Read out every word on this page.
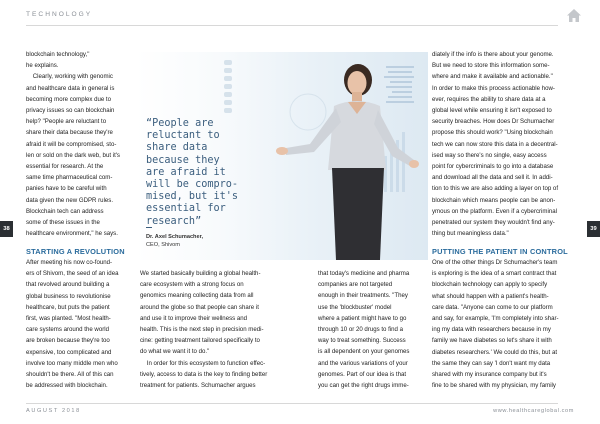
TECHNOLOGY
38	39

blockchain technology,"

he explains.

Clearly, working with genomic

and healthcare data in general is

becoming more complex due to

privacy issues so can blockchain

help? "People are reluctant to

share their data because they're

afraid it will be compromised, sto-

len or sold on the dark web, but it's

essential for research. At the

same time pharmaceutical com-

panies have to be careful with

data given the new GDPR rules.

Blockchain tech can address

some of these issues in the

healthcare environment," he says.

STARTING A REVOLUTION

After meeting his now co-found-

ers of Shivom, the seed of an idea

that revolved around building a

global business to revolutionise

healthcare, but puts the patient

first, was planted. "Most health-

care systems around the world

are broken because they're too

expensive, too complicated and

involve too many middle men who

shouldn't be there. All of this can

be addressed with blockchain.

“People are
reluctant to
share data
because they
are afraid it
will be compro-
mised, but it's
essential for
research”
Dr. Axel Schumacher,
CEO, Shivom

We started basically building a global health-

care ecosystem with a strong focus on

genomics meaning collecting data from all

around the globe so that people can share it

and use it to improve their wellness and

health. This is the next step in precision medi-

cine: getting treatment tailored specifically to

do what we want it to do."

In order for this ecosystem to function effec-

tively, access to data is the key to finding better

treatment for patients. Schumacher argues

that today's medicine and pharma

companies are not targeted

enough in their treatments. "They

use the 'blockbuster' model

where a patient might have to go

through 10 or 20 drugs to find a

way to treat something. Success

is all dependent on your genomes

and the various variations of your

genomes. Part of our idea is that

you can get the right drugs imme-

diately if the info is there about your genome.

But we need to store this information some-

where and make it available and actionable."

In order to make this process actionable how-

ever, requires the ability to share data at a

global level while ensuring it isn't exposed to

security breaches. How does Dr Schumacher

propose this should work? "Using blockchain

tech we can now store this data in a decentral-

ised way so there's no single, easy access

point for cybercriminals to go into a database

and download all the data and sell it. In addi-

tion to this we are also adding a layer on top of

blockchain which means people can be anon-

ymous on the platform. Even if a cybercriminal

penetrated our system they wouldn't find any-

thing but meaningless data."

PUTTING THE PATIENT IN CONTROL

One of the other things Dr Schumacher's team

is exploring is the idea of a smart contract that

blockchain technology can apply to specify

what should happen with a patient's health-

care data. "Anyone can come to our platform

and say, for example, 'I'm completely into shar-

ing my data with researchers because in my

family we have diabetes so let's share it with

diabetes researchers.' We could do this, but at

the same they can say 'I don't want my data

shared with my insurance company but it's

fine to be shared with my physician, my family

AUGUST 2018	www.healthcareglobal.com
